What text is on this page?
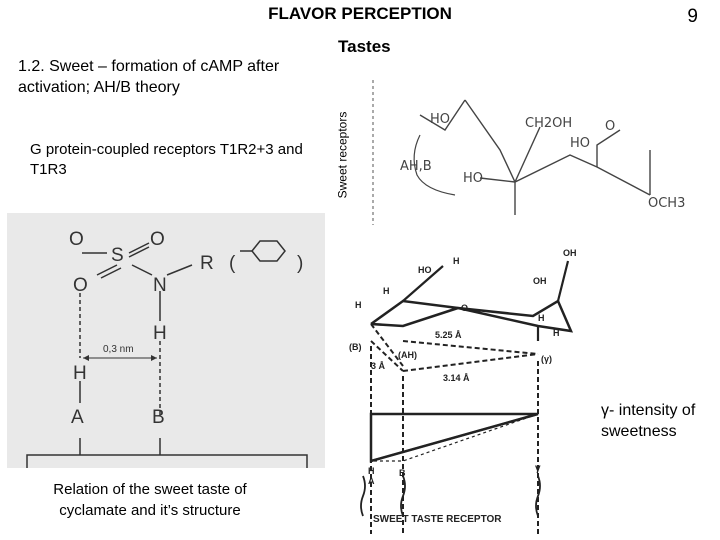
FLAVOR PERCEPTION	9
Tastes
1.2. Sweet – formation of cAMP after activation; AH/B theory
G protein-coupled receptors T1R2+3 and T1R3	Sweet receptors	HO	CH2OH	O
HO
AH,B
HO
OCH3
O
S
O
O	N
R
H
H
A	B
(	)
0,3 nm
HO
H
OH
OH
H
H	O
H
H
(B)
(AH)	(γ)
5.25 Å
3 Å
3.14 Å
γ
H
A
B
SWEET TASTE RECEPTOR
γ- intensity of sweetness
Relation of the sweet taste of cyclamate and it’s structure
